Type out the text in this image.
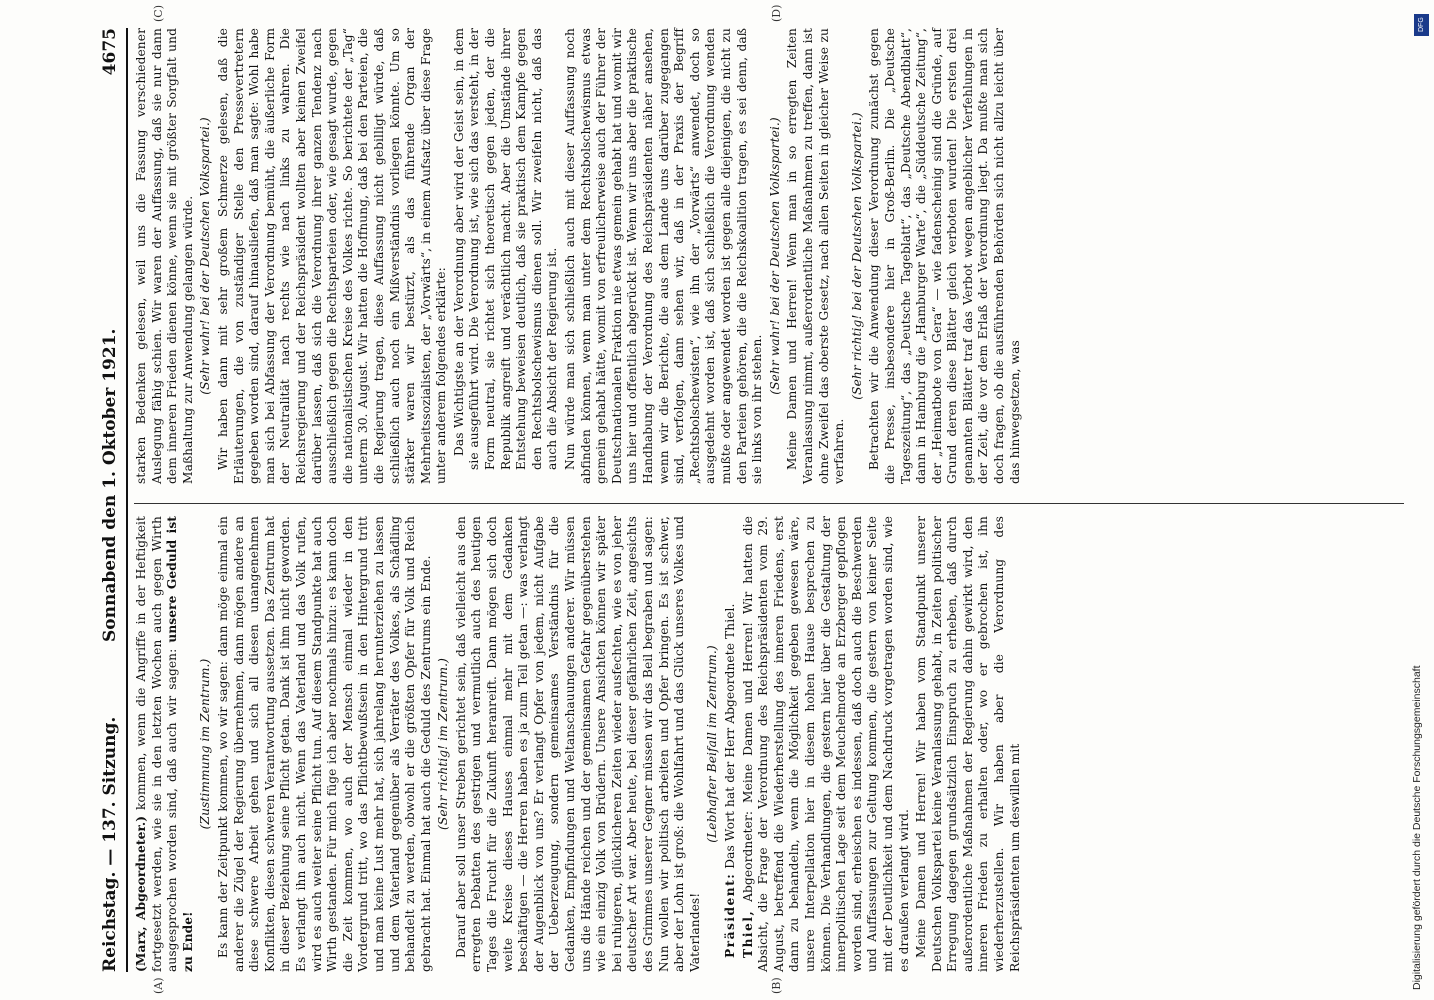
Reichstag. — 137. Sitzung.
Sonnabend den 1. Oktober 1921.
4675
(A)	(B)
(C)	(D)

(Marx, Abgeordneter.) kommen, wenn die Angriffe in der Heftigkeit fortgesetzt werden, wie sie in den letzten Wochen auch gegen Wirth ausgesprochen worden sind, daß auch wir sagen: unsere Geduld ist zu Ende!

(Zustimmung im Zentrum.) Es kann der Zeitpunkt kommen, wo wir sagen: dann möge einmal ein anderer die Zügel der Regierung übernehmen, dann mögen andere an diese schwere Arbeit gehen und sich all diesen unangenehmen Konflikten, diesen schweren Verantwortung aussetzen. Das Zentrum hat in dieser Beziehung seine Pflicht getan. Dank ist ihm nicht geworden. Es verlangt ihn auch nicht. Wenn das Vaterland und das Volk rufen, wird es auch weiter seine Pflicht tun. Auf diesem Standpunkte hat auch Wirth gestanden. Für mich füge ich aber nochmals hinzu: es kann doch die Zeit kommen, wo auch der Mensch einmal wieder in den Vordergrund tritt, wo das Pflichtbewußtsein in den Hintergrund tritt und man keine Lust mehr hat, sich jahrelang herunterziehen zu lassen und dem Vaterland gegenüber als Verräter des Volkes, als Schädling behandelt zu werden, obwohl er die größten Opfer für Volk und Reich gebracht hat. Einmal hat auch die Geduld des Zentrums ein Ende. (Sehr richtig! im Zentrum.) Darauf aber soll unser Streben gerichtet sein, daß vielleicht aus den erregten Debatten des gestrigen und vermutlich auch des heutigen Tages die Frucht für die Zukunft heranreift. Dann mögen sich doch weite Kreise dieses Hauses einmal mehr mit dem Gedanken beschäftigen — die Herren haben es ja zum Teil getan —: was verlangt der Augenblick von uns? Er verlangt Opfer von jedem, nicht Aufgabe der Ueberzeugung, sondern gemeinsames Verständnis für die Gedanken, Empfindungen und Weltanschauungen anderer. Wir müssen uns die Hände reichen und der gemeinsamen Gefahr gegenüberstehen wie ein einzig Volk von Brüdern. Unsere Ansichten können wir später bei ruhigeren, glücklicheren Zeiten wieder ausfechten, wie es von jeher deutscher Art war. Aber heute, bei dieser gefährlichen Zeit, angesichts des Grimmes unserer Gegner müssen wir das Beil begraben und sagen: Nun wollen wir politisch arbeiten und Opfer bringen. Es ist schwer, aber der Lohn ist groß: die Wohlfahrt und das Glück unseres Volkes und Vaterlandes!

(Lebhafter Beifall im Zentrum.)

Präsident: Das Wort hat der Herr Abgeordnete Thiel.

Thiel, Abgeordneter: Meine Damen und Herren! Wir hatten die Absicht, die Frage der Verordnung des Reichspräsidenten vom 29. August, betreffend die Wiederherstellung des inneren Friedens, erst dann zu behandeln, wenn die Möglichkeit gegeben gewesen wäre, unsere Interpellation hier in diesem hohen Hause besprechen zu können. Die Verhandlungen, die gestern hier über die Gestaltung der innerpolitischen Lage seit dem Meuchelmorde an Erzberger gepflogen worden sind, erheischen es indessen, daß doch auch die Beschwerden und Auffassungen zur Geltung kommen, die gestern von keiner Seite mit der Deutlichkeit und dem Nachdruck vorgetragen worden sind, wie es draußen verlangt wird. Meine Damen und Herren! Wir haben vom Standpunkt unserer Deutschen Volkspartei keine Veranlassung gehabt, in Zeiten politischer Erregung dagegen grundsätzlich Einspruch zu erheben, daß durch außerordentliche Maßnahmen der Regierung dahin gewirkt wird, den inneren Frieden zu erhalten oder, wo er gebrochen ist, ihn wiederherzustellen. Wir haben aber die Verordnung des Reichspräsidenten um deswillen mit

starken Bedenken gelesen, weil uns die Fassung verschiedener Auslegung fähig schien. Wir waren der Auffassung, daß sie nur dann dem inneren Frieden dienen könne, wenn sie mit größter Sorgfalt und Maßhaltung zur Anwendung gelangen würde. (Sehr wahr! bei der Deutschen Volkspartei.) Wir haben dann mit sehr großem Schmerze gelesen, daß die Erläuterungen, die von zuständiger Stelle den Pressevertretern gegeben worden sind, darauf hinausliefen, daß man sagte: Wohl habe man sich bei Abfassung der Verordnung bemüht, die äußerliche Form der Neutralität nach rechts wie nach links zu wahren. Die Reichsregierung und der Reichspräsident wollten aber keinen Zweifel darüber lassen, daß sich die Verordnung ihrer ganzen Tendenz nach ausschließlich gegen die Rechtsparteien oder, wie gesagt wurde, gegen die nationalistischen Kreise des Volkes richte. So berichtete der „Tag“ unterm 30. August. Wir hatten die Hoffnung, daß bei den Parteien, die die Regierung tragen, diese Auffassung nicht gebilligt würde, daß schließlich auch noch ein Mißverständnis vorliegen könnte. Um so stärker waren wir bestürzt, als das führende Organ der Mehrheitssozialisten, der „Vorwärts“, in einem Aufsatz über diese Frage unter anderem folgendes erklärte: Das Wichtigste an der Verordnung aber wird der Geist sein, in dem sie ausgeführt wird. Die Verordnung ist, wie sich das versteht, in der Form neutral, sie richtet sich theoretisch gegen jeden, der die Republik angreift und verächtlich macht. Aber die Umstände ihrer Entstehung beweisen deutlich, daß sie praktisch dem Kampfe gegen den Rechtsbolschewismus dienen soll. Wir zweifeln nicht, daß das auch die Absicht der Regierung ist. Nun würde man sich schließlich auch mit dieser Auffassung noch abfinden können, wenn man unter dem Rechtsbolschewismus etwas gemein gehabt hätte, womit von erfreulicherweise auch der Führer der Deutschnationalen Fraktion nie etwas gemein gehabt hat und womit wir uns hier und offentlich abgerückt ist. Wenn wir uns aber die praktische Handhabung der Verordnung des Reichspräsidenten näher ansehen, wenn wir die Berichte, die aus dem Lande uns darüber zugegangen sind, verfolgen, dann sehen wir, daß in der Praxis der Begriff „Rechtsbolschewisten“, wie ihn der „Vorwärts“ anwendet, doch so ausgedehnt worden ist, daß sich schließlich die Verordnung wenden mußte oder angewendet worden ist gegen alle diejenigen, die nicht zu den Parteien gehören, die die Reichskoalition tragen, es sei denn, daß sie links von ihr stehen.

(Sehr wahr! bei der Deutschen Volkspartei.) Meine Damen und Herren! Wenn man in so erregten Zeiten Veranlassung nimmt, außerordentliche Maßnahmen zu treffen, dann ist ohne Zweifel das oberste Gesetz, nach allen Seiten in gleicher Weise zu verfahren.

(Sehr richtig! bei der Deutschen Volkspartei.) Betrachten wir die Anwendung dieser Verordnung zunächst gegen die Presse, insbesondere hier in Groß-Berlin. Die „Deutsche Tageszeitung“, das „Deutsche Tageblatt“, das „Deutsche Abendblatt“, dann in Hamburg die „Hamburger Warte“, die „Süddeutsche Zeitung“, der „Heimatbote von Gera“ — wie fadenscheinig sind die Gründe, auf Grund deren diese Blätter gleich verboten wurden! Die ersten drei genannten Blätter traf das Verbot wegen angeblicher Verfehlungen in der Zeit, die vor dem Erlaß der Verordnung liegt. Da mußte man sich doch fragen, ob die ausführenden Behörden sich nicht allzu leicht über das hinwegsetzen, was

DFG
Digitalisierung gefördert durch die Deutsche Forschungsgemeinschaft
